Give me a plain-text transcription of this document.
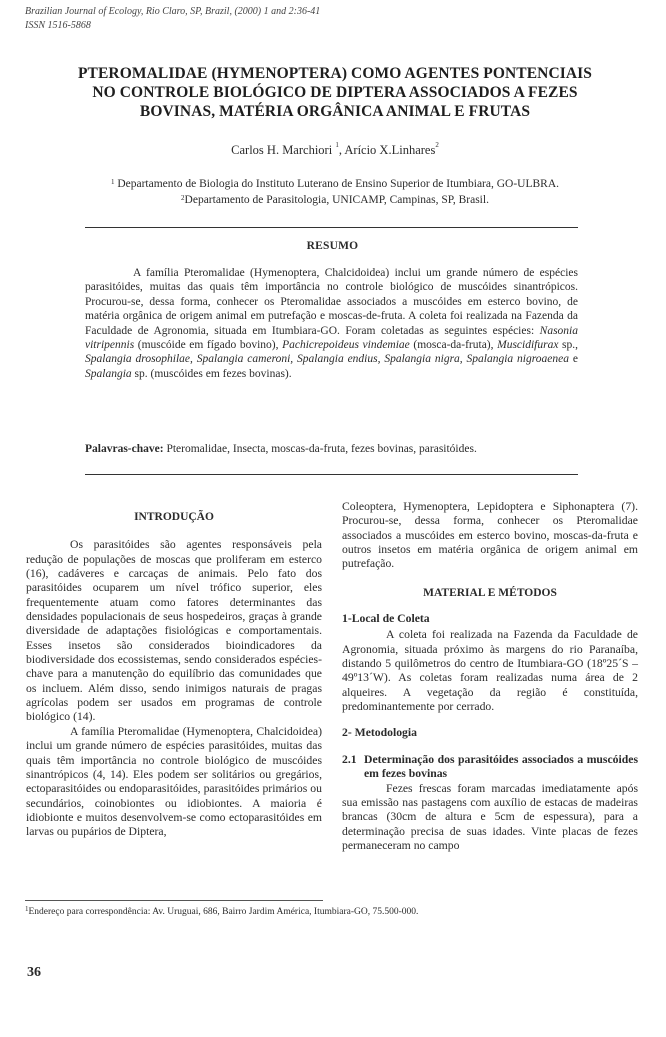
Brazilian Journal of Ecology, Rio Claro, SP, Brazil, (2000) 1 and 2:36-41
ISSN 1516-5868
PTEROMALIDAE (HYMENOPTERA) COMO AGENTES PONTENCIAIS
NO CONTROLE BIOLÓGICO DE DIPTERA ASSOCIADOS A FEZES
BOVINAS, MATÉRIA ORGÂNICA ANIMAL E FRUTAS
Carlos H. Marchiori $^1$, Arício X.Linhares$^2$
$^1$ Departamento de Biologia do Instituto Luterano de Ensino Superior de Itumbiara, GO-ULBRA.
$^2$Departamento de Parasitologia, UNICAMP, Campinas, SP, Brasil.
RESUMO

A família Pteromalidae (Hymenoptera, Chalcidoidea) inclui um grande número de espécies parasitóides, muitas das quais têm importância no controle biológico de muscóides sinantrópicos. Procurou-se, dessa forma, conhecer os Pteromalidae associados a muscóides em esterco bovino, de matéria orgânica de origem animal em putrefação e moscas-de-fruta. A coleta foi realizada na Fazenda da Faculdade de Agronomia, situada em Itumbiara-GO. Foram coletadas as seguintes espécies: Nasonia vitripennis (muscóide em fígado bovino), Pachicrepoideus vindemiae (mosca-da-fruta), Muscidifurax sp., Spalangia drosophilae, Spalangia cameroni, Spalangia endius, Spalangia nigra, Spalangia nigroaenea e Spalangia sp. (muscóides em fezes bovinas).

Palavras-chave: Pteromalidae, Insecta, moscas-da-fruta, fezes bovinas, parasitóides.
INTRODUÇÃO

Os parasitóides são agentes responsáveis pela redução de populações de moscas que proliferam em esterco (16), cadáveres e carcaças de animais. Pelo fato dos parasitóides ocuparem um nível trófico superior, eles frequentemente atuam como fatores determinantes das densidades populacionais de seus hospedeiros, graças à grande diversidade de adaptações fisiológicas e comportamentais. Esses insetos são considerados bioindicadores da biodiversidade dos ecossistemas, sendo considerados espécies-chave para a manutenção do equilíbrio das comunidades que os incluem. Além disso, sendo inimigos naturais de pragas agrícolas podem ser usados em programas de controle biológico (14).

A família Pteromalidae (Hymenoptera, Chalcidoidea) inclui um grande número de espécies parasitóides, muitas das quais têm importância no controle biológico de muscóides sinantrópicos (4, 14). Eles podem ser solitários ou gregários, ectoparasitóides ou endoparasitóides, parasitóides primários ou secundários, coinobiontes ou idiobiontes. A maioria é idiobionte e muitos desenvolvem-se como ectoparasitóides em larvas ou pupários de Diptera,

Coleoptera, Hymenoptera, Lepidoptera e Siphonaptera (7). Procurou-se, dessa forma, conhecer os Pteromalidae associados a muscóides em esterco bovino, moscas-da-fruta e outros insetos em matéria orgânica de origem animal em putrefação.

MATERIAL E MÉTODOS
1-Local de Coleta

A coleta foi realizada na Fazenda da Faculdade de Agronomia, situada próximo às margens do rio Paranaíba, distando 5 quilômetros do centro de Itumbiara-GO (18º25´S – 49º13´W). As coletas foram realizadas numa área de 2 alqueires. A vegetação da região é constituída, predominantemente por cerrado.

2- Metodologia
2.1 Determinação dos parasitóides associados a muscóides em fezes bovinas

Fezes frescas foram marcadas imediatamente após sua emissão nas pastagens com auxílio de estacas de madeiras brancas (30cm de altura e 5cm de espessura), para a determinação precisa de suas idades. Vinte placas de fezes permaneceram no campo

$^1$Endereço para correspondência: Av. Uruguai, 686, Bairro Jardim América, Itumbiara-GO, 75.500-000.
36
